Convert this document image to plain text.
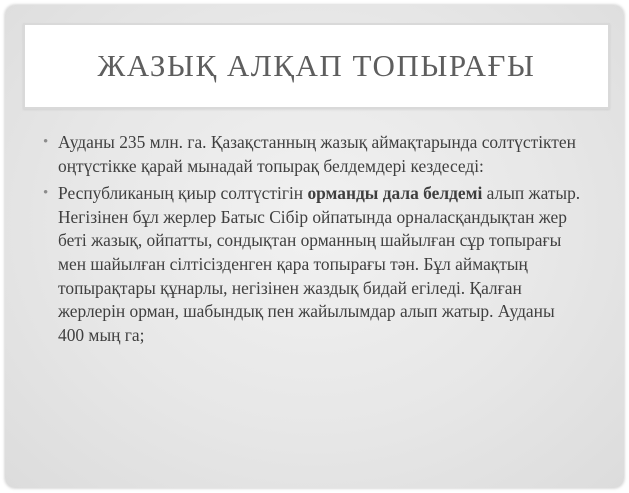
ЖАЗЫҚ АЛҚАП ТОПЫРАҒЫ
• Ауданы 235 млн. га. Қазақстанның жазық аймақтарында солтүстіктен оңтүстікке қарай мынадай топырақ белдемдері кездеседі:
• Республиканың қиыр солтүстігін орманды дала белдемі алып жатыр. Негізінен бұл жерлер Батыс Сібір ойпатында орналасқандықтан жер беті жазық, ойпатты, сондықтан орманның шайылған сұр топырағы мен шайылған сілтісізденген қара топырағы тән. Бұл аймақтың топырақтары құнарлы, негізінен жаздық бидай егіледі. Қалған жерлерін орман, шабындық пен жайылымдар алып жатыр. Ауданы 400 мың га;
